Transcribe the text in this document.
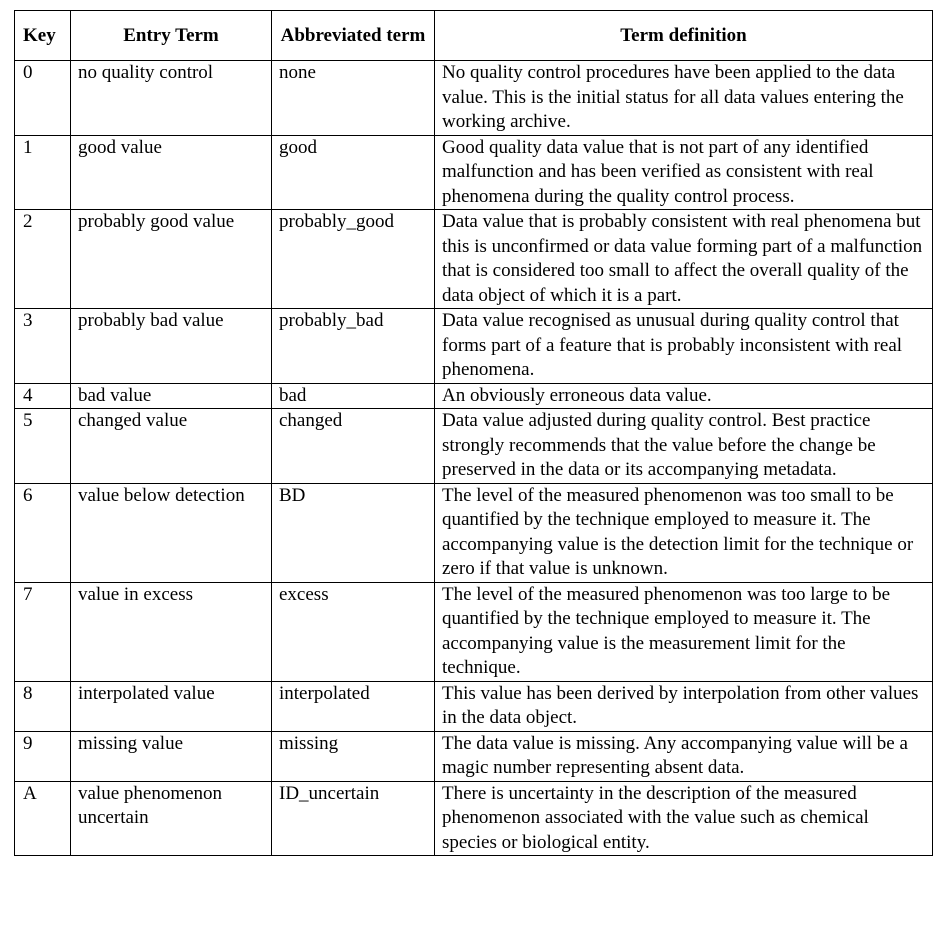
Key	Entry Term	Abbreviated term	Term definition
0	no quality control	none	No quality control procedures have been applied to the data value. This is the initial status for all data values entering the working archive.
1	good value	good	Good quality data value that is not part of any identified malfunction and has been verified as consistent with real phenomena during the quality control process.
2	probably good value	probably_good	Data value that is probably consistent with real phenomena but this is unconfirmed or data value forming part of a malfunction that is considered too small to affect the overall quality of the data object of which it is a part.
3	probably bad value	probably_bad	Data value recognised as unusual during quality control that forms part of a feature that is probably inconsistent with real phenomena.
4	bad value	bad	An obviously erroneous data value.
5	changed value	changed	Data value adjusted during quality control. Best practice strongly recommends that the value before the change be preserved in the data or its accompanying metadata.
6	value below detection	BD	The level of the measured phenomenon was too small to be quantified by the technique employed to measure it. The accompanying value is the detection limit for the technique or zero if that value is unknown.
7	value in excess	excess	The level of the measured phenomenon was too large to be quantified by the technique employed to measure it. The accompanying value is the measurement limit for the technique.
8	interpolated value	interpolated	This value has been derived by interpolation from other values in the data object.
9	missing value	missing	The data value is missing. Any accompanying value will be a magic number representing absent data.
A	value phenomenon uncertain	ID_uncertain	There is uncertainty in the description of the measured phenomenon associated with the value such as chemical species or biological entity.
